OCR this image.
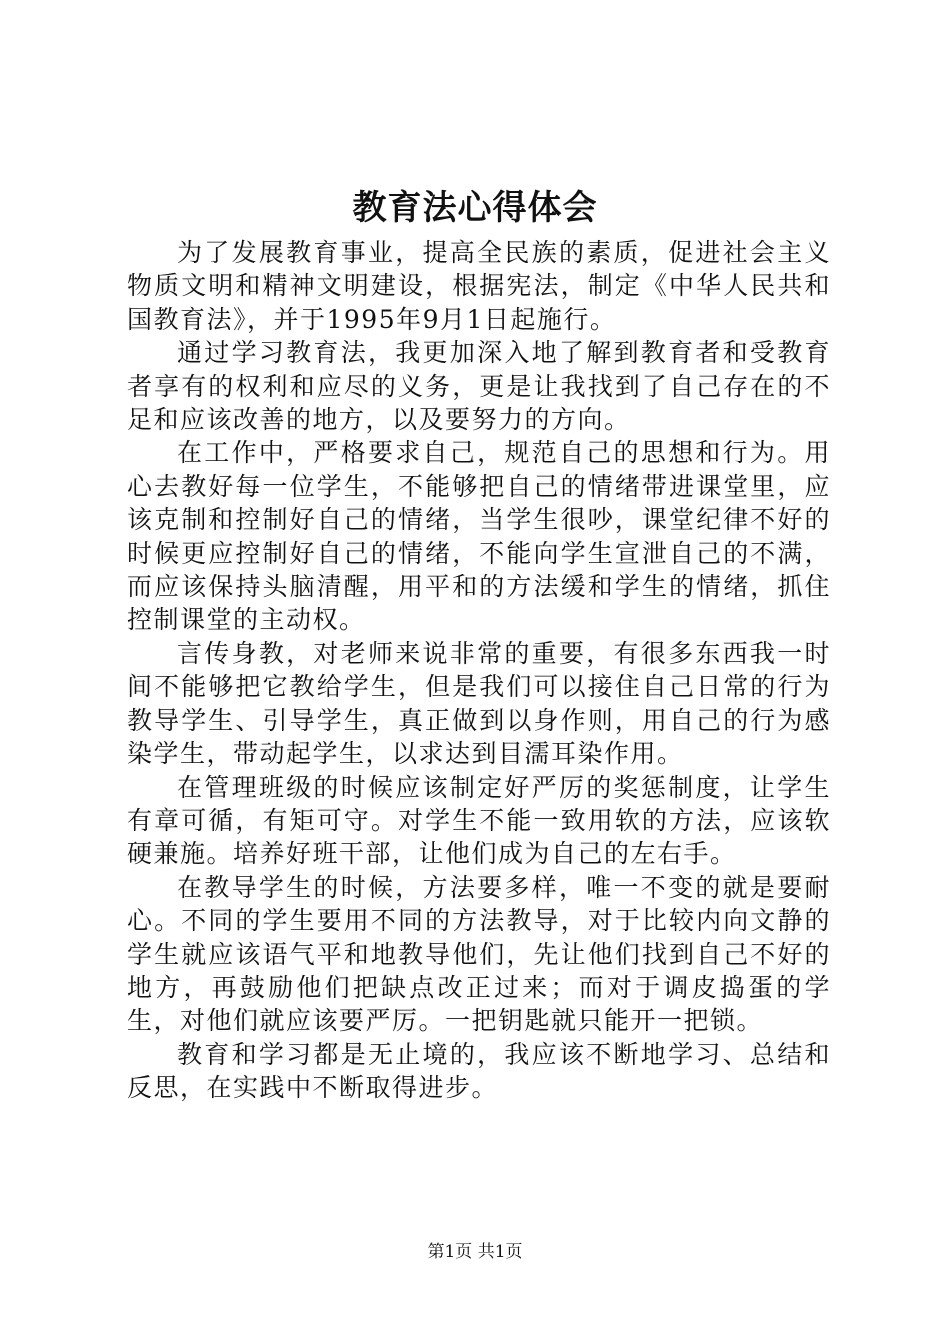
教育法心得体会

为了发展教育事业，提高全民族的素质，促进社会主义物质文明和精神文明建设，根据宪法，制定《中华人民共和国教育法》，并于1995年9月1日起施行。

通过学习教育法，我更加深入地了解到教育者和受教育者享有的权利和应尽的义务，更是让我找到了自己存在的不足和应该改善的地方，以及要努力的方向。

在工作中，严格要求自己，规范自己的思想和行为。用心去教好每一位学生，不能够把自己的情绪带进课堂里，应该克制和控制好自己的情绪，当学生很吵，课堂纪律不好的时候更应控制好自己的情绪，不能向学生宣泄自己的不满，而应该保持头脑清醒，用平和的方法缓和学生的情绪，抓住控制课堂的主动权。

言传身教，对老师来说非常的重要，有很多东西我一时间不能够把它教给学生，但是我们可以接住自己日常的行为教导学生、引导学生，真正做到以身作则，用自己的行为感染学生，带动起学生，以求达到目濡耳染作用。

在管理班级的时候应该制定好严厉的奖惩制度，让学生有章可循，有矩可守。对学生不能一致用软的方法，应该软硬兼施。培养好班干部，让他们成为自己的左右手。

在教导学生的时候，方法要多样，唯一不变的就是要耐心。不同的学生要用不同的方法教导，对于比较内向文静的学生就应该语气平和地教导他们，先让他们找到自己不好的地方，再鼓励他们把缺点改正过来；而对于调皮捣蛋的学生，对他们就应该要严厉。一把钥匙就只能开一把锁。

教育和学习都是无止境的，我应该不断地学习、总结和反思，在实践中不断取得进步。

第1页 共1页
